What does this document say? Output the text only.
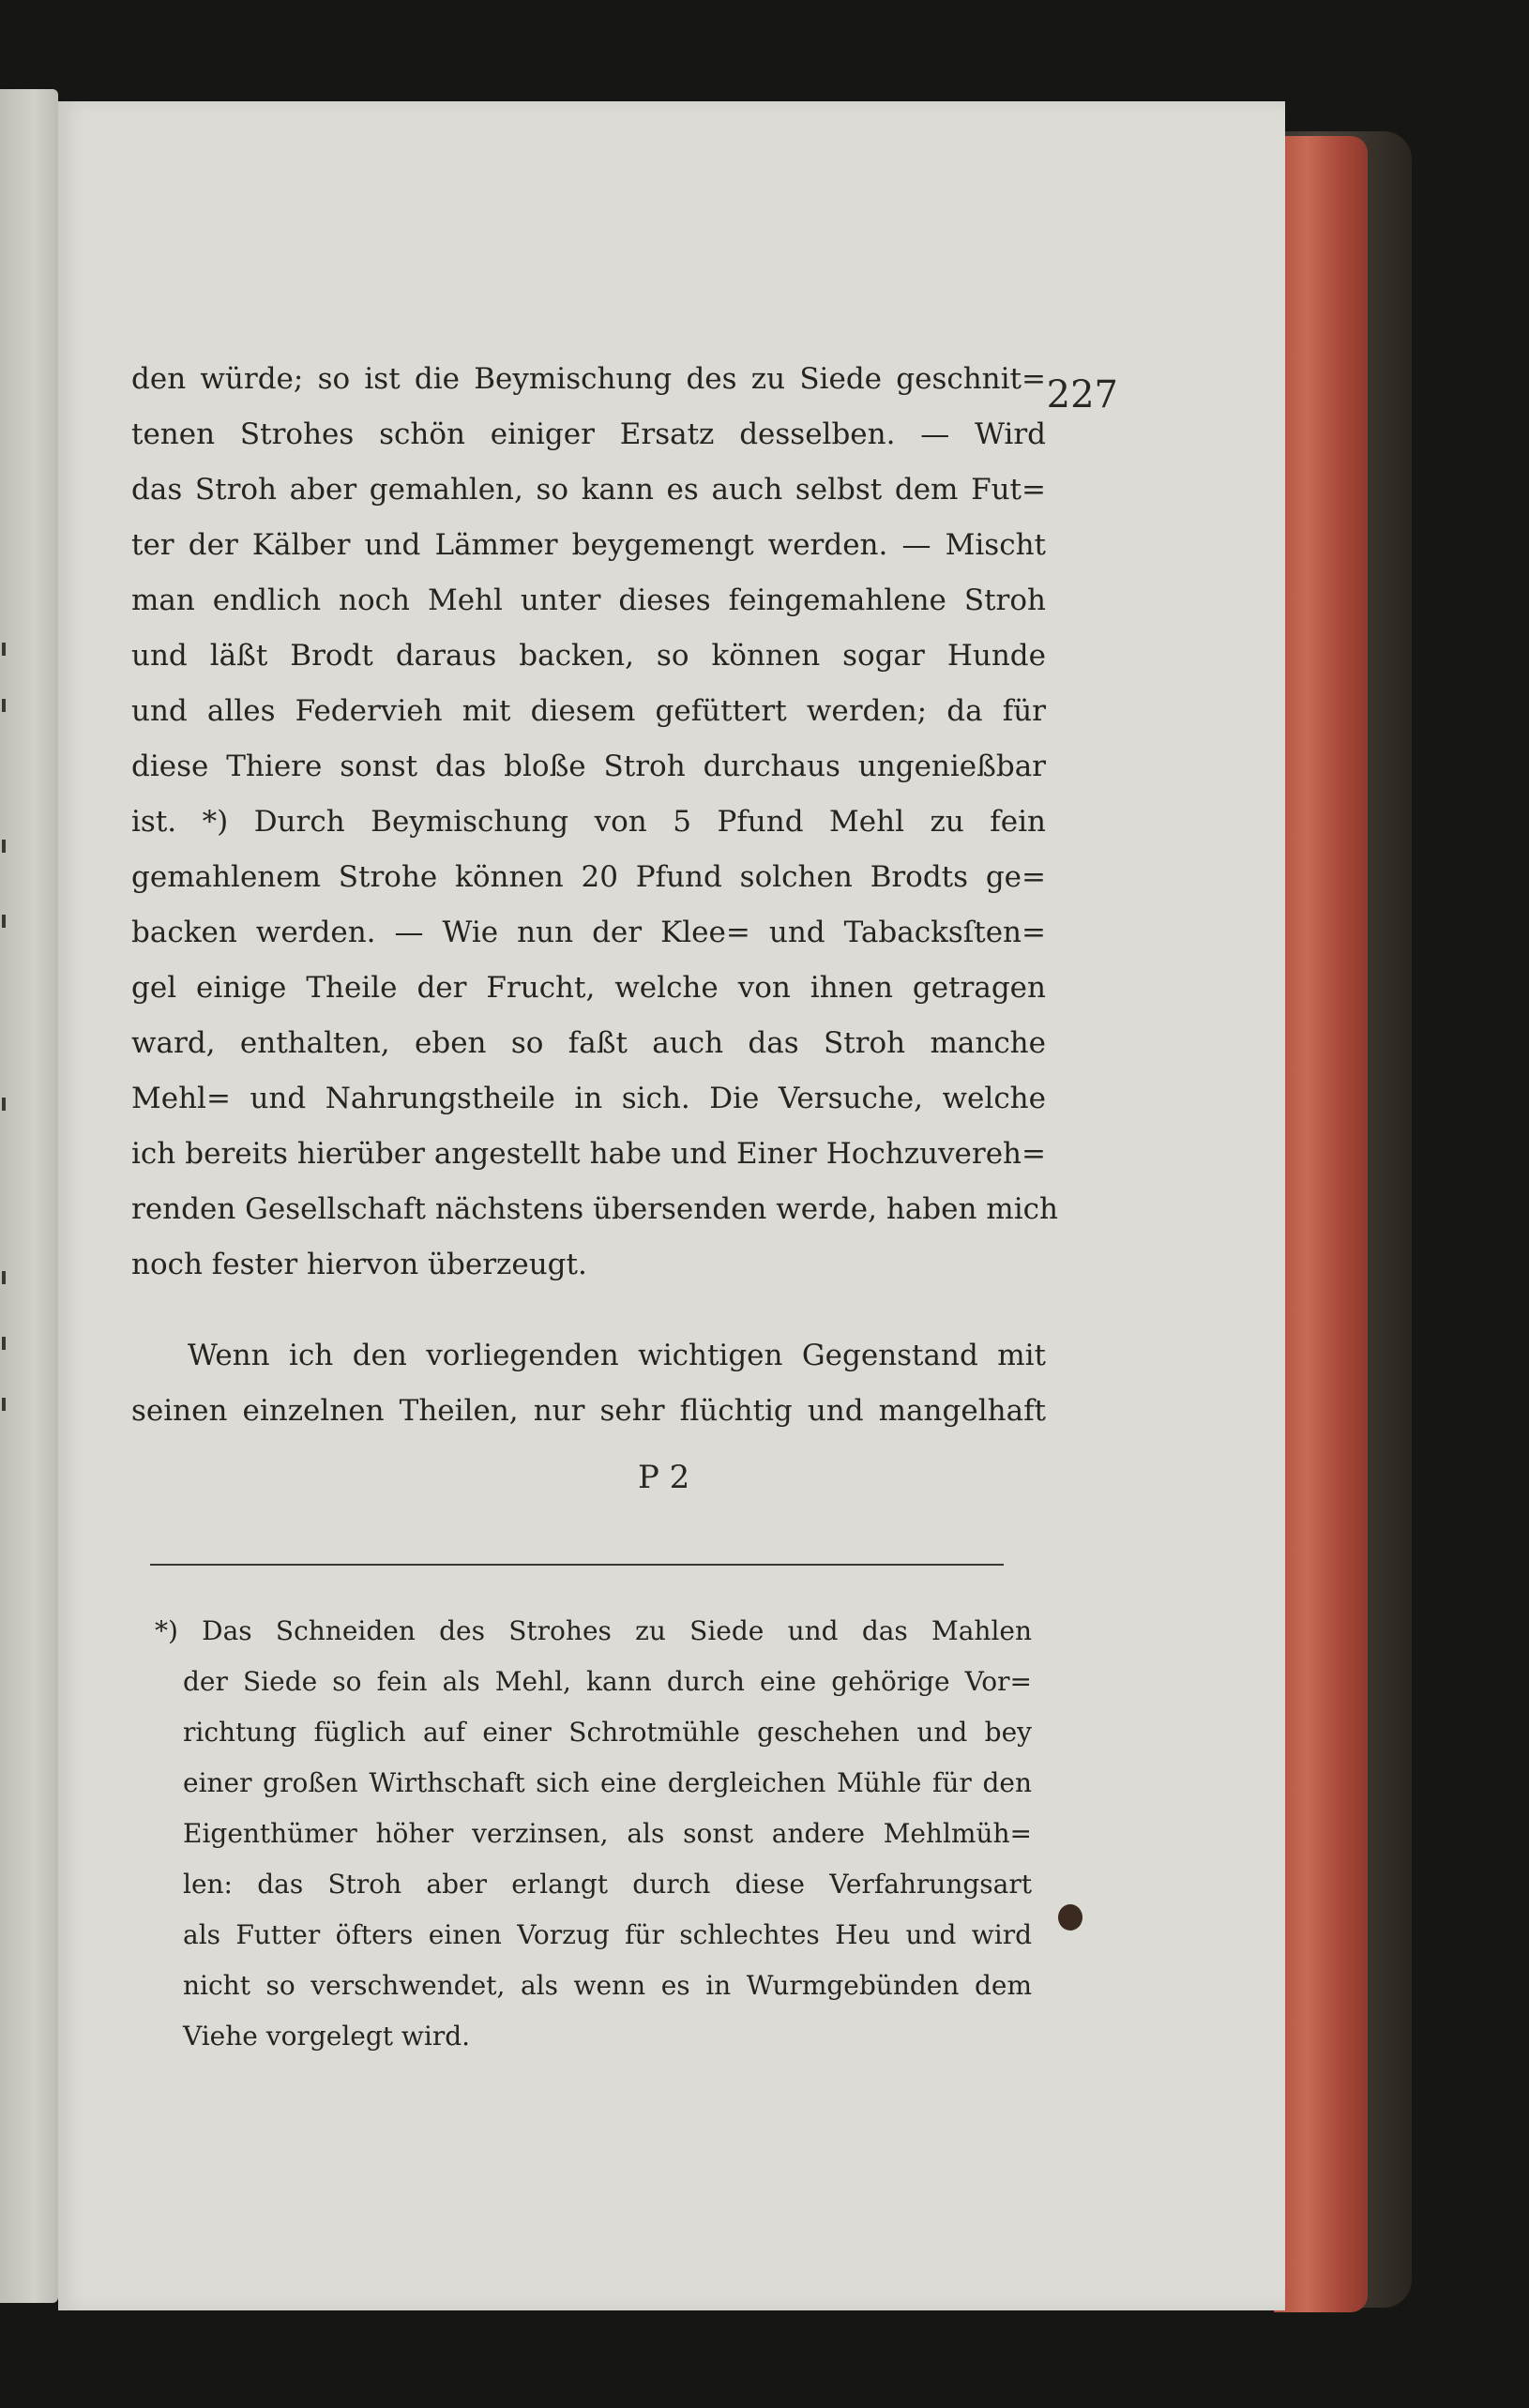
227
den würde; so ist die Beymischung des zu Siede geschnit=
tenen Strohes schön einiger Ersatz desselben. — Wird
das Stroh aber gemahlen, so kann es auch selbst dem Fut=
ter der Kälber und Lämmer beygemengt werden. — Mischt
man endlich noch Mehl unter dieses feingemahlene Stroh
und läßt Brodt daraus backen, so können sogar Hunde
und alles Federvieh mit diesem gefüttert werden; da für
diese Thiere sonst das bloße Stroh durchaus ungenießbar
ist. *) Durch Beymischung von 5 Pfund Mehl zu fein
gemahlenem Strohe können 20 Pfund solchen Brodts ge=
backen werden. — Wie nun der Klee= und Tabacksſten=
gel einige Theile der Frucht, welche von ihnen getragen
ward, enthalten, eben so faßt auch das Stroh manche
Mehl= und Nahrungstheile in sich. Die Versuche, welche
ich bereits hierüber angestellt habe und Einer Hochzuvereh=
renden Gesellschaft nächstens übersenden werde, haben mich
noch fester hiervon überzeugt.
Wenn ich den vorliegenden wichtigen Gegenstand mit
seinen einzelnen Theilen, nur sehr flüchtig und mangelhaft
P 2
*) Das Schneiden des Strohes zu Siede und das Mahlen
der Siede so fein als Mehl, kann durch eine gehörige Vor=
richtung füglich auf einer Schrotmühle geschehen und bey
einer großen Wirthschaft sich eine dergleichen Mühle für den
Eigenthümer höher verzinsen, als sonst andere Mehlmüh=
len: das Stroh aber erlangt durch diese Verfahrungsart
als Futter öfters einen Vorzug für schlechtes Heu und wird
nicht so verschwendet, als wenn es in Wurmgebünden dem
Viehe vorgelegt wird.
